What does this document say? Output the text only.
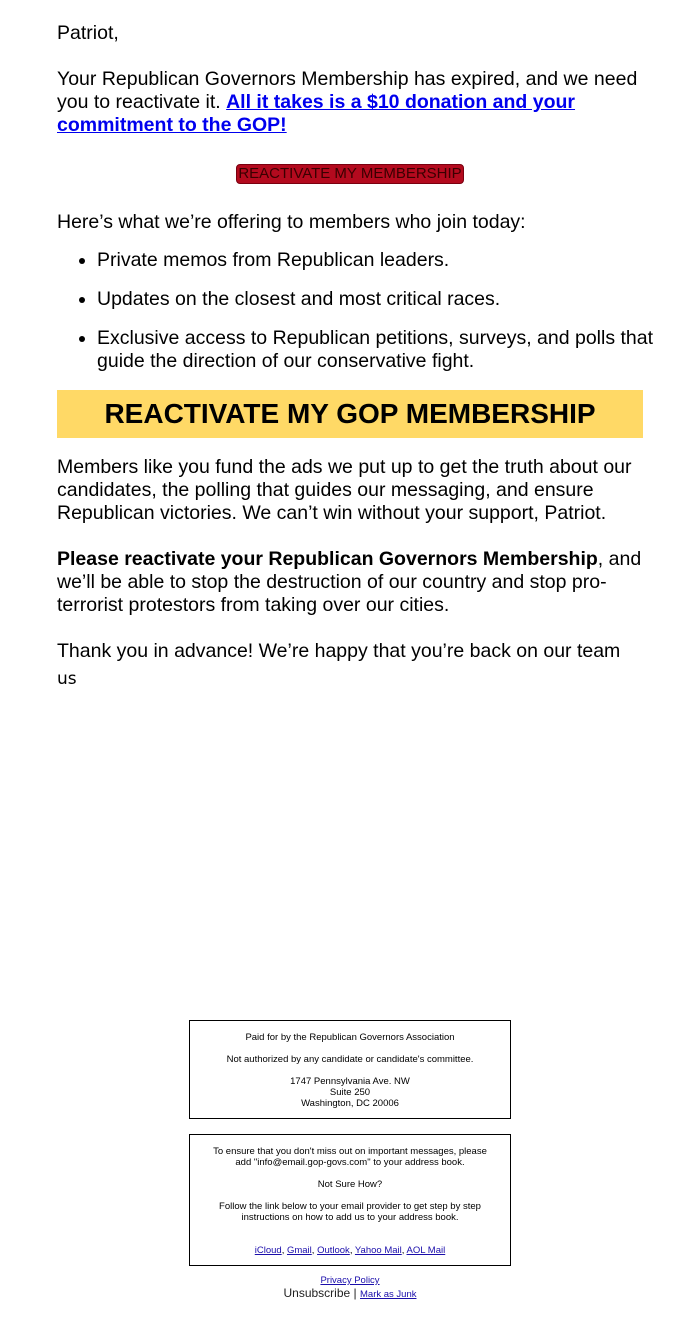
Patriot,

Your Republican Governors Membership has expired, and we need you to reactivate it. All it takes is a $10 donation and your commitment to the GOP!

Here’s what we’re offering to members who join today:

REACTIVATE MY MEMBERSHIP
• Private memos from Republican leaders.
• Updates on the closest and most critical races.
• Exclusive access to Republican petitions, surveys, and polls that guide the direction of our conservative fight.
REACTIVATE MY GOP MEMBERSHIP

Members like you fund the ads we put up to get the truth about our candidates, the polling that guides our messaging, and ensure Republican victories. We can’t win without your support, Patriot.

Please reactivate your Republican Governors Membership, and we’ll be able to stop the destruction of our country and stop pro-terrorist protestors from taking over our cities.

Thank you in advance! We’re happy that you’re back on our team

us

Paid for by the Republican Governors Association

Not authorized by any candidate or candidate's committee.

1747 Pennsylvania Ave. NW

Suite 250

Washington, DC 20006

To ensure that you don't miss out on important messages, please add "info@email.gop-govs.com" to your address book.

Not Sure How?

Follow the link below to your email provider to get step by step instructions on how to add us to your address book.

iCloud, Gmail, Outlook, Yahoo Mail, AOL Mail

Privacy Policy
Unsubscribe | Mark as Junk
